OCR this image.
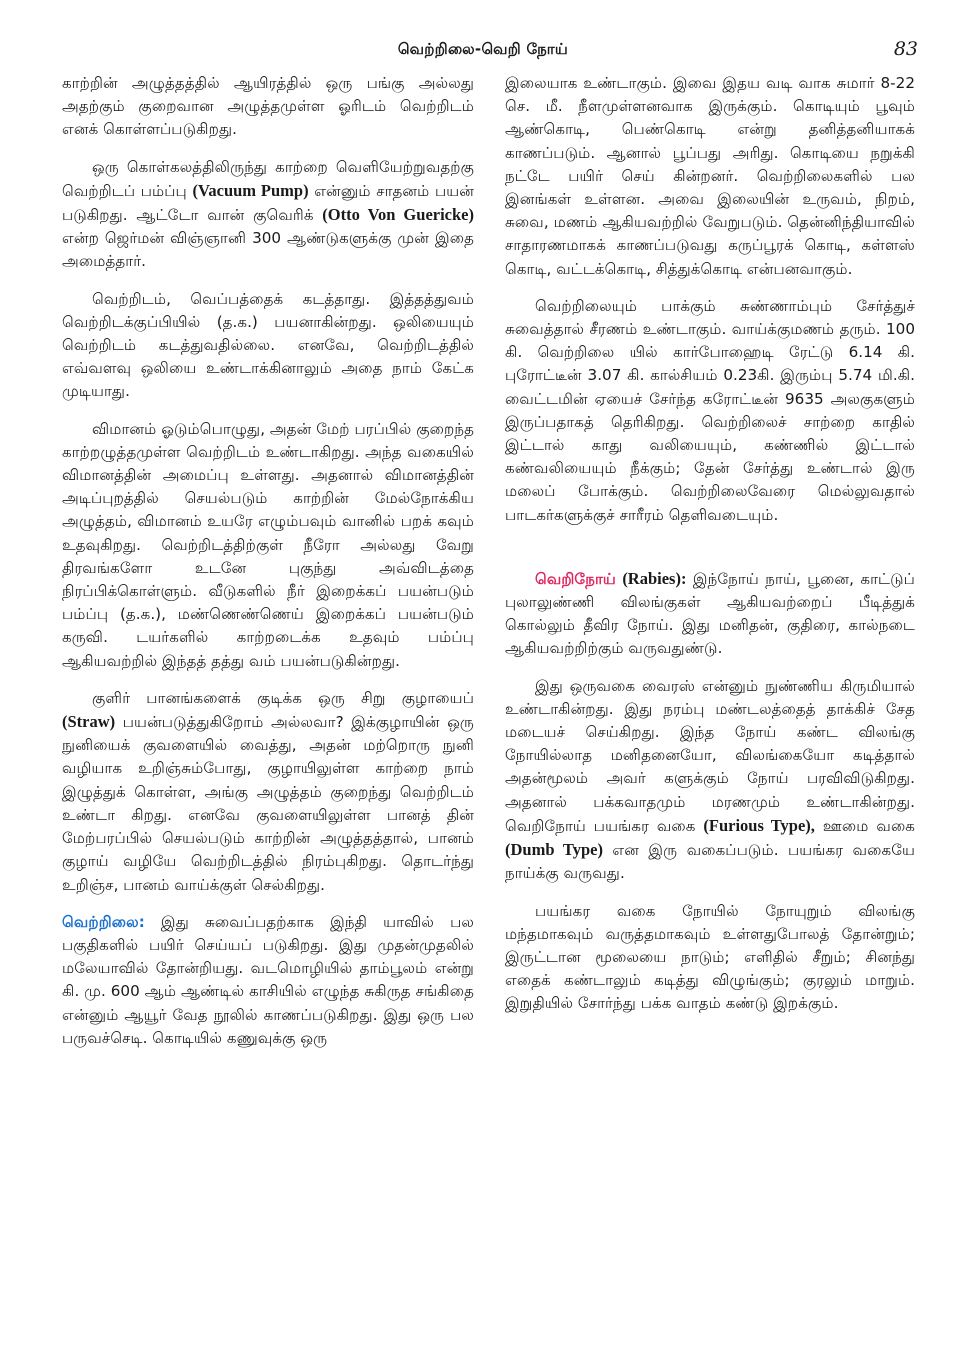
வெற்றிலை-வெறி நோய்	83

காற்றின் அழுத்தத்தில் ஆயிரத்தில் ஒரு பங்கு அல்லது அதற்கும் குறைவான அழுத்தமுள்ள ஓரிடம் வெற்றிடம் எனக் கொள்ளப்படுகிறது.

ஒரு கொள்கலத்திலிருந்து காற்றை வெளியேற்றுவதற்கு வெற்றிடப் பம்ப்பு (Vacuum Pump) என்னும் சாதனம் பயன் படுகிறது. ஆட்டோ வான் குவெரிக் (Otto Von Guericke) என்ற ஜெர்மன் விஞ்ஞானி 300 ஆண்டுகளுக்கு முன் இதை அமைத்தார்.

வெற்றிடம், வெப்பத்தைக் கடத்தாது. இத்தத்துவம் வெற்றிடக்குப்பியில் (த.க.) பயனாகின்றது. ஒலியையும் வெற்றிடம் கடத்துவதில்லை. எனவே, வெற்றிடத்தில் எவ்வளவு ஒலியை உண்டாக்கினாலும் அதை நாம் கேட்க முடியாது.

விமானம் ஓடும்பொழுது, அதன் மேற் பரப்பில் குறைந்த காற்றழுத்தமுள்ள வெற்றிடம் உண்டாகிறது. அந்த வகையில் விமானத்தின் அமைப்பு உள்ளது. அதனால் விமானத்தின் அடிப்புறத்தில் செயல்படும் காற்றின் மேல்நோக்கிய அழுத்தம், விமானம் உயரே எழும்பவும் வானில் பறக் கவும் உதவுகிறது. வெற்றிடத்திற்குள் நீரோ அல்லது வேறு திரவங்களோ உடனே புகுந்து அவ்விடத்தை நிரப்பிக்கொள்ளும். வீடுகளில் நீர் இறைக்கப் பயன்படும் பம்ப்பு (த.க.), மண்ணெண்ணெய் இறைக்கப் பயன்படும் கருவி. டயர்களில் காற்றடைக்க உதவும் பம்ப்பு ஆகியவற்றில் இந்தத் தத்து வம் பயன்படுகின்றது.

குளிர் பானங்களைக் குடிக்க ஒரு சிறு குழாயைப் (Straw) பயன்படுத்துகிறோம் அல்லவா? இக்குழாயின் ஒரு நுனியைக் குவளையில் வைத்து, அதன் மற்றொரு நுனி வழியாக உறிஞ்சும்போது, குழாயிலுள்ள காற்றை நாம் இழுத்துக் கொள்ள, அங்கு அழுத்தம் குறைந்து வெற்றிடம் உண்டா கிறது. எனவே குவளையிலுள்ள பானத் தின் மேற்பரப்பில் செயல்படும் காற்றின் அழுத்தத்தால், பானம் குழாய் வழியே வெற்றிடத்தில் நிரம்புகிறது. தொடர்ந்து உறிஞ்ச, பானம் வாய்க்குள் செல்கிறது.

வெற்றிலை: இது சுவைப்பதற்காக இந்தி யாவில் பல பகுதிகளில் பயிர் செய்யப் படுகிறது. இது முதன்முதலில் மலேயாவில் தோன்றியது. வடமொழியில் தாம்பூலம் என்று கி. மு. 600 ஆம் ஆண்டில் காசியில் எழுந்த சுகிருத சங்கிதை என்னும் ஆயூர் வேத நூலில் காணப்படுகிறது. இது ஒரு பல பருவச்செடி. கொடியில் கணுவுக்கு ஒரு

இலையாக உண்டாகும். இவை இதய வடி வாக சுமார் 8-22 செ. மீ. நீளமுள்ளனவாக இருக்கும். கொடியும் பூவும் ஆண்கொடி, பெண்கொடி என்று தனித்தனியாகக் காணப்படும். ஆனால் பூப்பது அரிது. கொடியை நறுக்கி நட்டே பயிர் செய் கின்றனர். வெற்றிலைகளில் பல இனங்கள் உள்ளன. அவை இலையின் உருவம், நிறம், சுவை, மணம் ஆகியவற்றில் வேறுபடும். தென்னிந்தியாவில் சாதாரணமாகக் காணப்படுவது கருப்பூரக் கொடி, கள்ளஸ் கொடி, வட்டக்கொடி, சித்துக்கொடி என்பனவாகும்.

வெற்றிலையும் பாக்கும் சுண்ணாம்பும் சேர்த்துச் சுவைத்தால் சீரணம் உண்டாகும். வாய்க்குமணம் தரும். 100 கி. வெற்றிலை யில் கார்போஹைடி ரேட்டு 6.14 கி. புரோட்டீன் 3.07 கி. கால்சியம் 0.23கி. இரும்பு 5.74 மி.கி. வைட்டமின் ஏயைச் சேர்ந்த கரோட்டீன் 9635 அலகுகளும் இருப்பதாகத் தெரிகிறது. வெற்றிலைச் சாற்றை காதில் இட்டால் காது வலியையும், கண்ணில் இட்டால் கண்வலியையும் நீக்கும்; தேன் சேர்த்து உண்டால் இரு மலைப் போக்கும். வெற்றிலைவேரை மெல்லுவதால் பாடகர்களுக்குச் சாரீரம் தெளிவடையும்.

வெறிநோய் (Rabies): இந்நோய் நாய், பூனை, காட்டுப் புலாலுண்ணி விலங்குகள் ஆகியவற்றைப் பீடித்துக் கொல்லும் தீவிர நோய். இது மனிதன், குதிரை, கால்நடை ஆகியவற்றிற்கும் வருவதுண்டு.

இது ஒருவகை வைரஸ் என்னும் நுண்ணிய கிருமியால் உண்டாகின்றது. இது நரம்பு மண்டலத்தைத் தாக்கிச் சேத மடையச் செய்கிறது. இந்த நோய் கண்ட விலங்கு நோயில்லாத மனிதனையோ, விலங்கையோ கடித்தால் அதன்மூலம் அவர் களுக்கும் நோய் பரவிவிடுகிறது. அதனால் பக்கவாதமும் மரணமும் உண்டாகின்றது. வெறிநோய் பயங்கர வகை (Furious Type), ஊமை வகை (Dumb Type) என இரு வகைப்படும். பயங்கர வகையே நாய்க்கு வருவது.

பயங்கர வகை நோயில் நோயுறும் விலங்கு மந்தமாகவும் வருத்தமாகவும் உள்ளதுபோலத் தோன்றும்; இருட்டான மூலையை நாடும்; எளிதில் சீறும்; சினந்து எதைக் கண்டாலும் கடித்து விழுங்கும்; குரலும் மாறும். இறுதியில் சோர்ந்து பக்க வாதம் கண்டு இறக்கும்.
